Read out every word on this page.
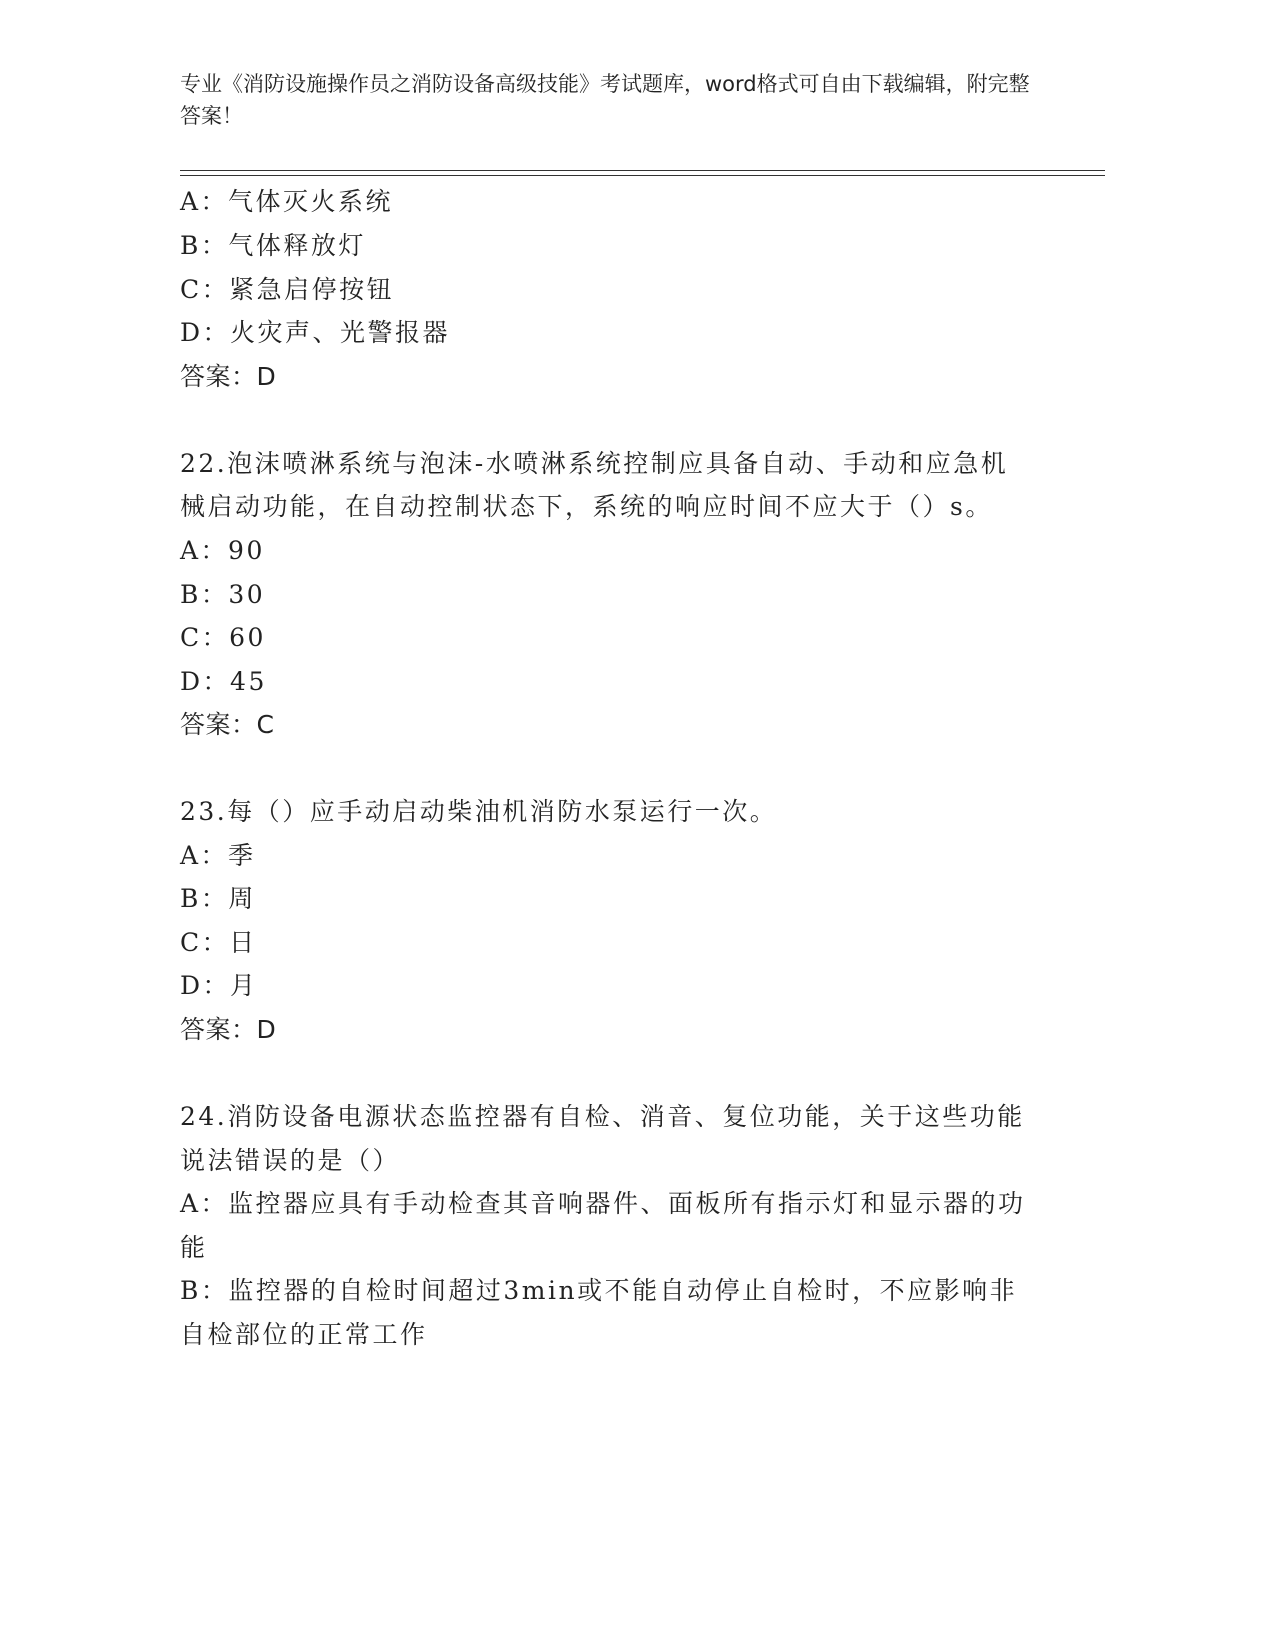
专业《消防设施操作员之消防设备高级技能》考试题库，word格式可自由下载编辑，附完整答案！
A：气体灭火系统
B：气体释放灯
C：紧急启停按钮
D：火灾声、光警报器
答案：D
22.泡沫喷淋系统与泡沫-水喷淋系统控制应具备自动、手动和应急机
械启动功能，在自动控制状态下，系统的响应时间不应大于（）s。
A：90
B：30
C：60
D：45
答案：C
23.每（）应手动启动柴油机消防水泵运行一次。
A：季
B：周
C：日
D：月
答案：D
24.消防设备电源状态监控器有自检、消音、复位功能，关于这些功能
说法错误的是（）
A：监控器应具有手动检查其音响器件、面板所有指示灯和显示器的功
能
B：监控器的自检时间超过3min或不能自动停止自检时，不应影响非
自检部位的正常工作
